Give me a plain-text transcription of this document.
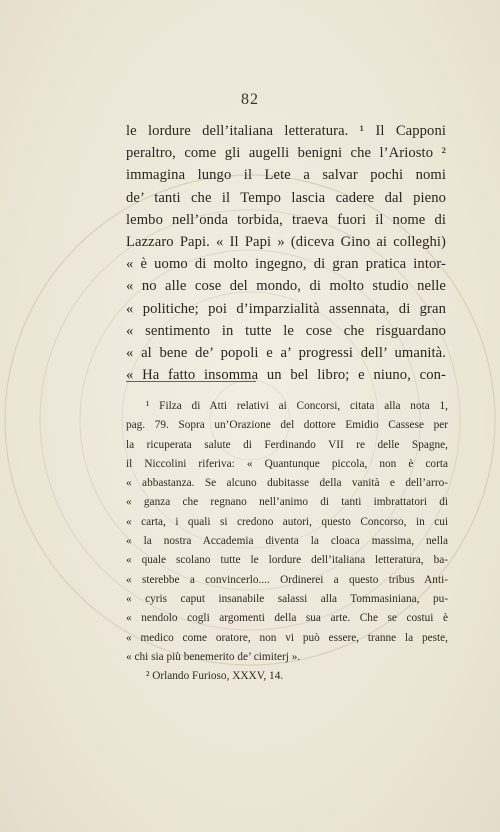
82
le lordure dell’italiana letteratura. ¹ Il Capponi
peraltro, come gli augelli benigni che l’Ariosto ²
immagina lungo il Lete a salvar pochi nomi
de’ tanti che il Tempo lascia cadere dal pieno
lembo nell’onda torbida, traeva fuori il nome di
Lazzaro Papi. « Il Papi » (diceva Gino ai colleghi)
« è uomo di molto ingegno, di gran pratica intor-
« no alle cose del mondo, di molto studio nelle
« politiche; poi d’imparzialità assennata, di gran
« sentimento in tutte le cose che risguardano
« al bene de’ popoli e a’ progressi dell’ umanità.
« Ha fatto insomma un bel libro; e niuno, con-
¹ Filza di Atti relativi ai Concorsi, citata alla nota 1,
pag. 79. Sopra un’Orazione del dottore Emidio Cassese per
la ricuperata salute di Ferdinando VII re delle Spagne,
il Niccolini riferiva: « Quantunque piccola, non è corta
« abbastanza. Se alcuno dubitasse della vanità e dell’arro-
« ganza che regnano nell’animo di tanti imbrattatori di
« carta, i quali si credono autori, questo Concorso, in cui
« la nostra Accademia diventa la cloaca massima, nella
« quale scolano tutte le lordure dell’italiana letteratura, ba-
« sterebbe a convincerlo.... Ordinerei a questo tribus Anti-
« cyris caput insanabile salassi alla Tommasiniana, pu-
« nendolo cogli argomenti della sua arte. Che se costui è
« medico come oratore, non vi può essere, tranne la peste,
« chi sia più benemerito de’ cimiterj ».
² Orlando Furioso, XXXV, 14.
